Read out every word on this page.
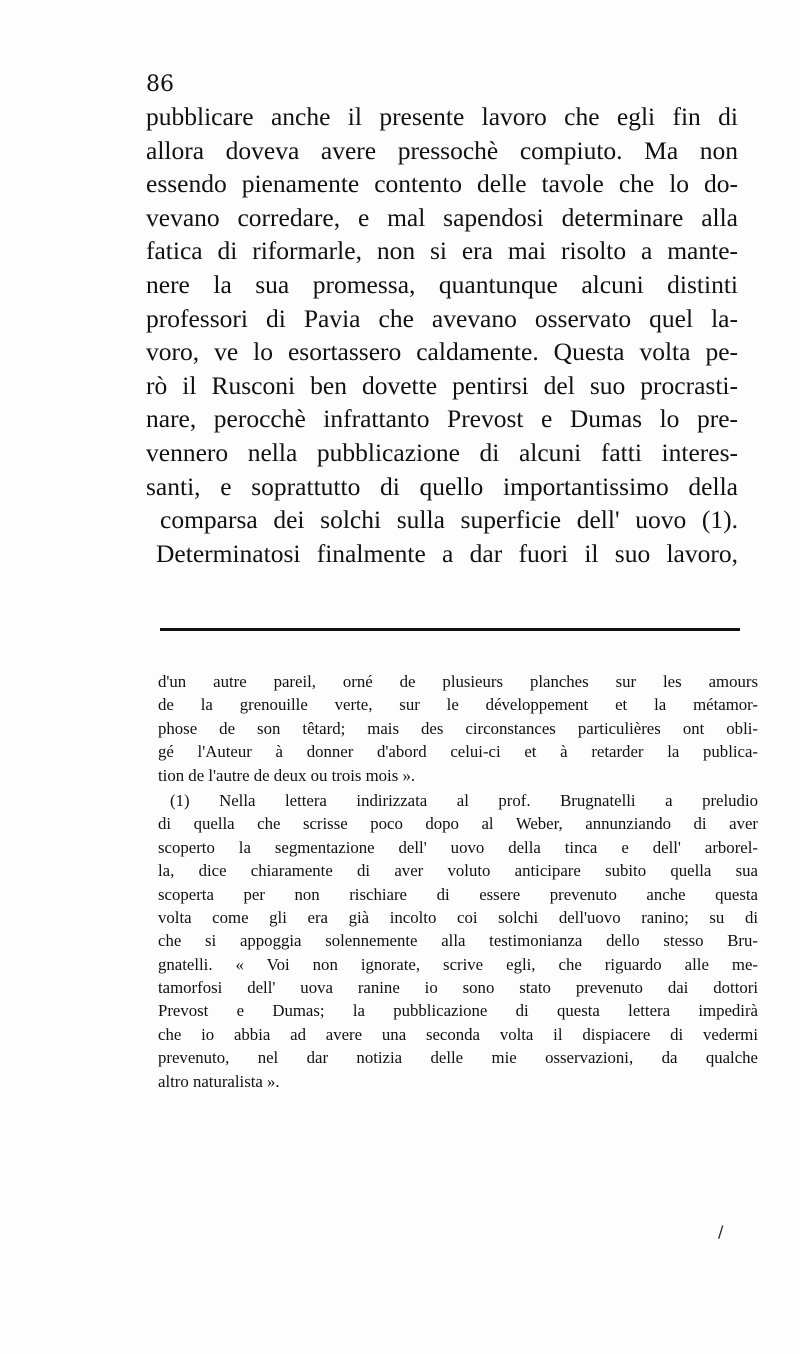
86
pubblicare anche il presente lavoro che egli fin di
allora doveva avere pressochè compiuto. Ma non
essendo pienamente contento delle tavole che lo do-
vevano corredare, e mal sapendosi determinare alla
fatica di riformarle, non si era mai risolto a mante-
nere la sua promessa, quantunque alcuni distinti
professori di Pavia che avevano osservato quel la-
voro, ve lo esortassero caldamente. Questa volta pe-
rò il Rusconi ben dovette pentirsi del suo procrasti-
nare, perocchè infrattanto Prevost e Dumas lo pre-
vennero nella pubblicazione di alcuni fatti interes-
santi, e soprattutto di quello importantissimo della
comparsa dei solchi sulla superficie dell' uovo (1).
Determinatosi finalmente a dar fuori il suo lavoro,
d'un autre pareil, orné de plusieurs planches sur les amours
de la grenouille verte, sur le développement et la métamor-
phose de son têtard; mais des circonstances particulières ont obli-
gé l'Auteur à donner d'abord celui-ci et à retarder la publica-
tion de l'autre de deux ou trois mois ».
(1) Nella lettera indirizzata al prof. Brugnatelli a preludio
di quella che scrisse poco dopo al Weber, annunziando di aver
scoperto la segmentazione dell' uovo della tinca e dell' arborel-
la, dice chiaramente di aver voluto anticipare subito quella sua
scoperta per non rischiare di essere prevenuto anche questa
volta come gli era già incolto coi solchi dell'uovo ranino; su di
che si appoggia solennemente alla testimonianza dello stesso Bru-
gnatelli. « Voi non ignorate, scrive egli, che riguardo alle me-
tamorfosi dell' uova ranine io sono stato prevenuto dai dottori
Prevost e Dumas; la pubblicazione di questa lettera impedirà
che io abbia ad avere una seconda volta il dispiacere di vedermi
prevenuto, nel dar notizia delle mie osservazioni, da qualche
altro naturalista ».
/
